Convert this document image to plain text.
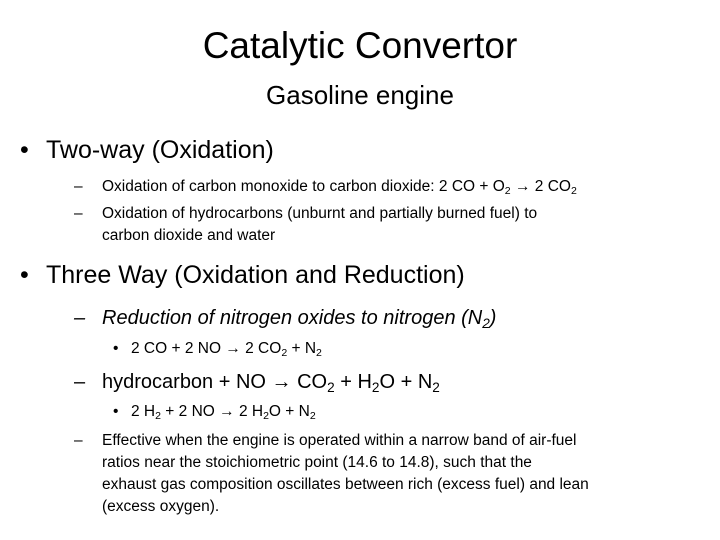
Catalytic Convertor
Gasoline engine
• Two-way (Oxidation)
– Oxidation of carbon monoxide to carbon dioxide: 2 CO + $O_2 \to 2$ $CO_2$
– Oxidation of hydrocarbons (unburnt and partially burned fuel) to
carbon dioxide and water
• Three Way (Oxidation and Reduction)
– Reduction of nitrogen oxides to nitrogen $(N_2)$
• 2 CO + 2 NO → 2 $CO_2 + N_2$
– hydrocarbon + NO → $CO_2 + H_2O + N_2$
• 2 $H_2 + 2$ NO → 2 $H_2O + N_2$
– Effective when the engine is operated within a narrow band of air-fuel
ratios near the stoichiometric point (14.6 to 14.8), such that the
exhaust gas composition oscillates between rich (excess fuel) and lean
(excess oxygen).
